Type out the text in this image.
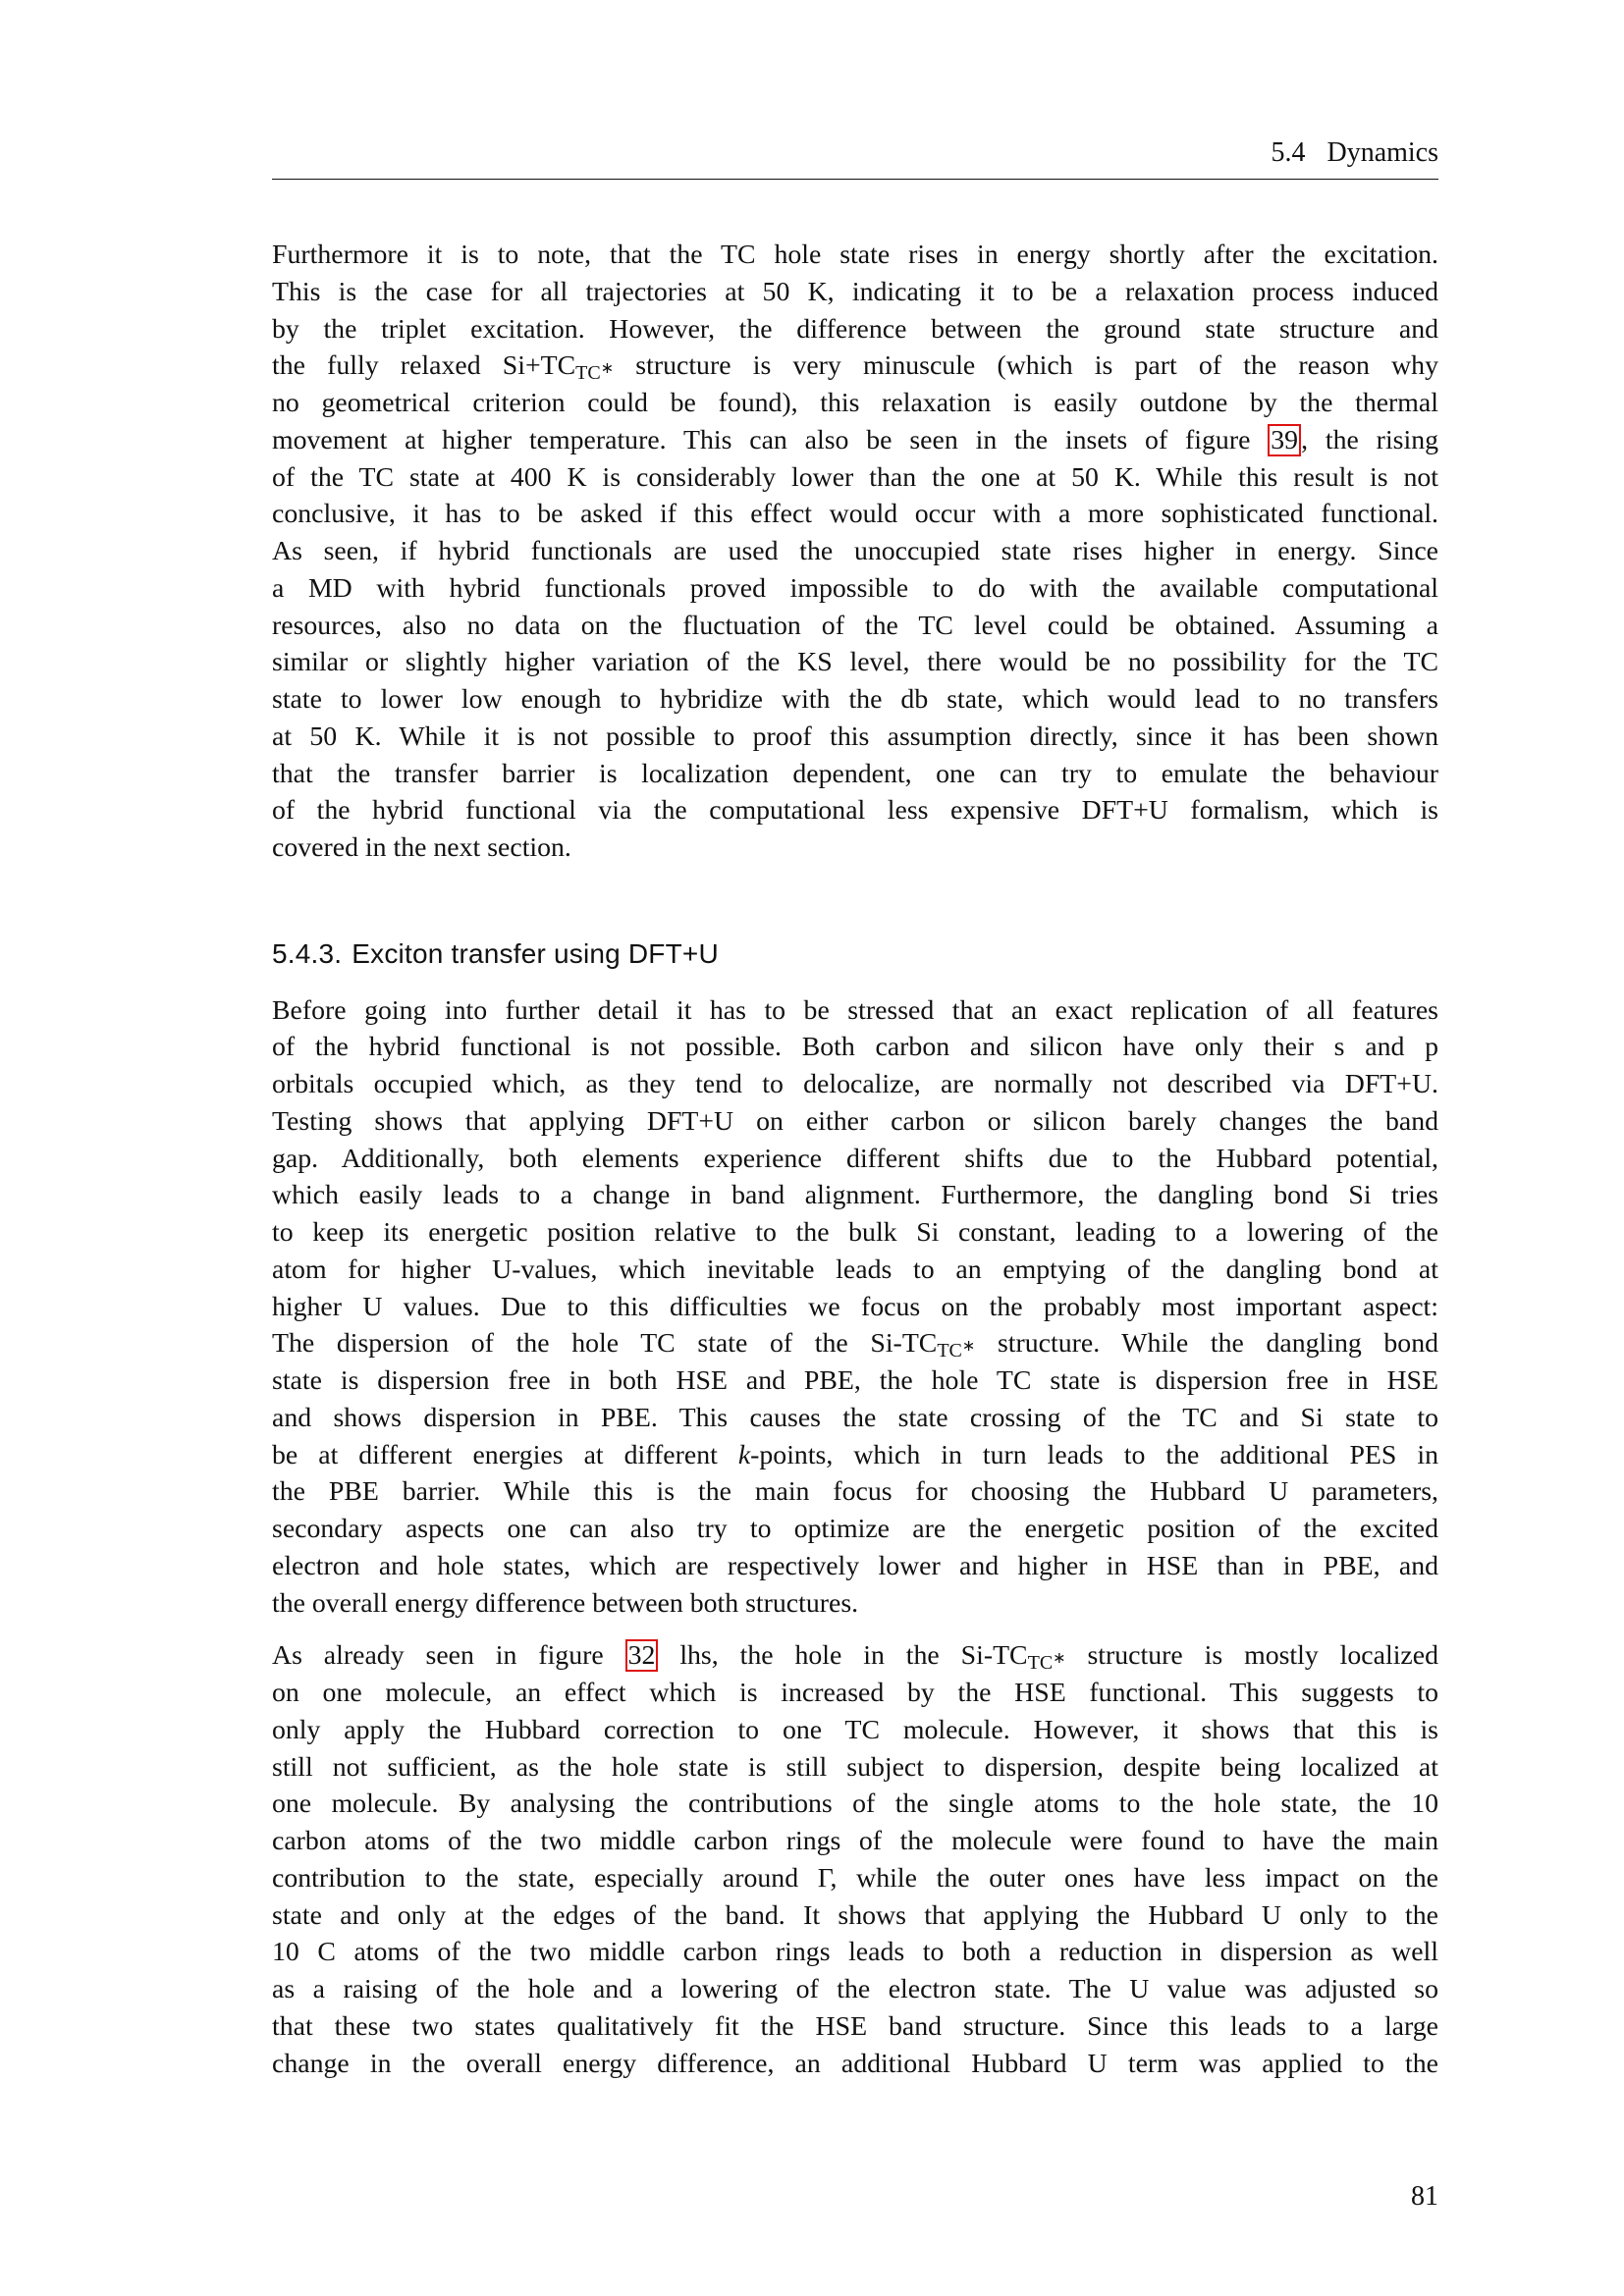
5.4 Dynamics

Furthermore it is to note, that the TC hole state rises in energy shortly after the excitation.
This is the case for all trajectories at 50 K, indicating it to be a relaxation process induced
by the triplet excitation. However, the difference between the ground state structure and
the fully relaxed Si+TCTC∗ structure is very minuscule (which is part of the reason why
no geometrical criterion could be found), this relaxation is easily outdone by the thermal
movement at higher temperature. This can also be seen in the insets of figure 39 , the rising
of the TC state at 400 K is considerably lower than the one at 50 K. While this result is not
conclusive, it has to be asked if this effect would occur with a more sophisticated functional.
As seen, if hybrid functionals are used the unoccupied state rises higher in energy. Since
a MD with hybrid functionals proved impossible to do with the available computational
resources, also no data on the fluctuation of the TC level could be obtained. Assuming a
similar or slightly higher variation of the KS level, there would be no possibility for the TC
state to lower low enough to hybridize with the db state, which would lead to no transfers
at 50 K. While it is not possible to proof this assumption directly, since it has been shown
that the transfer barrier is localization dependent, one can try to emulate the behaviour
of the hybrid functional via the computational less expensive DFT+U formalism, which is
covered in the next section.

5.4.3. Exciton transfer using DFT+U

Before going into further detail it has to be stressed that an exact replication of all features
of the hybrid functional is not possible. Both carbon and silicon have only their s and p
orbitals occupied which, as they tend to delocalize, are normally not described via DFT+U.
Testing shows that applying DFT+U on either carbon or silicon barely changes the band
gap. Additionally, both elements experience different shifts due to the Hubbard potential,
which easily leads to a change in band alignment. Furthermore, the dangling bond Si tries
to keep its energetic position relative to the bulk Si constant, leading to a lowering of the
atom for higher U-values, which inevitable leads to an emptying of the dangling bond at
higher U values. Due to this difficulties we focus on the probably most important aspect:
The dispersion of the hole TC state of the Si-TCTC∗ structure. While the dangling bond
state is dispersion free in both HSE and PBE, the hole TC state is dispersion free in HSE
and shows dispersion in PBE. This causes the state crossing of the TC and Si state to
be at different energies at different k-points, which in turn leads to the additional PES in
the PBE barrier. While this is the main focus for choosing the Hubbard U parameters,
secondary aspects one can also try to optimize are the energetic position of the excited
electron and hole states, which are respectively lower and higher in HSE than in PBE, and
the overall energy difference between both structures.

As already seen in figure 32 lhs, the hole in the Si-TCTC∗ structure is mostly localized
on one molecule, an effect which is increased by the HSE functional. This suggests to
only apply the Hubbard correction to one TC molecule. However, it shows that this is
still not sufficient, as the hole state is still subject to dispersion, despite being localized at
one molecule. By analysing the contributions of the single atoms to the hole state, the 10
carbon atoms of the two middle carbon rings of the molecule were found to have the main
contribution to the state, especially around Γ, while the outer ones have less impact on the
state and only at the edges of the band. It shows that applying the Hubbard U only to the
10 C atoms of the two middle carbon rings leads to both a reduction in dispersion as well
as a raising of the hole and a lowering of the electron state. The U value was adjusted so
that these two states qualitatively fit the HSE band structure. Since this leads to a large
change in the overall energy difference, an additional Hubbard U term was applied to the

81
